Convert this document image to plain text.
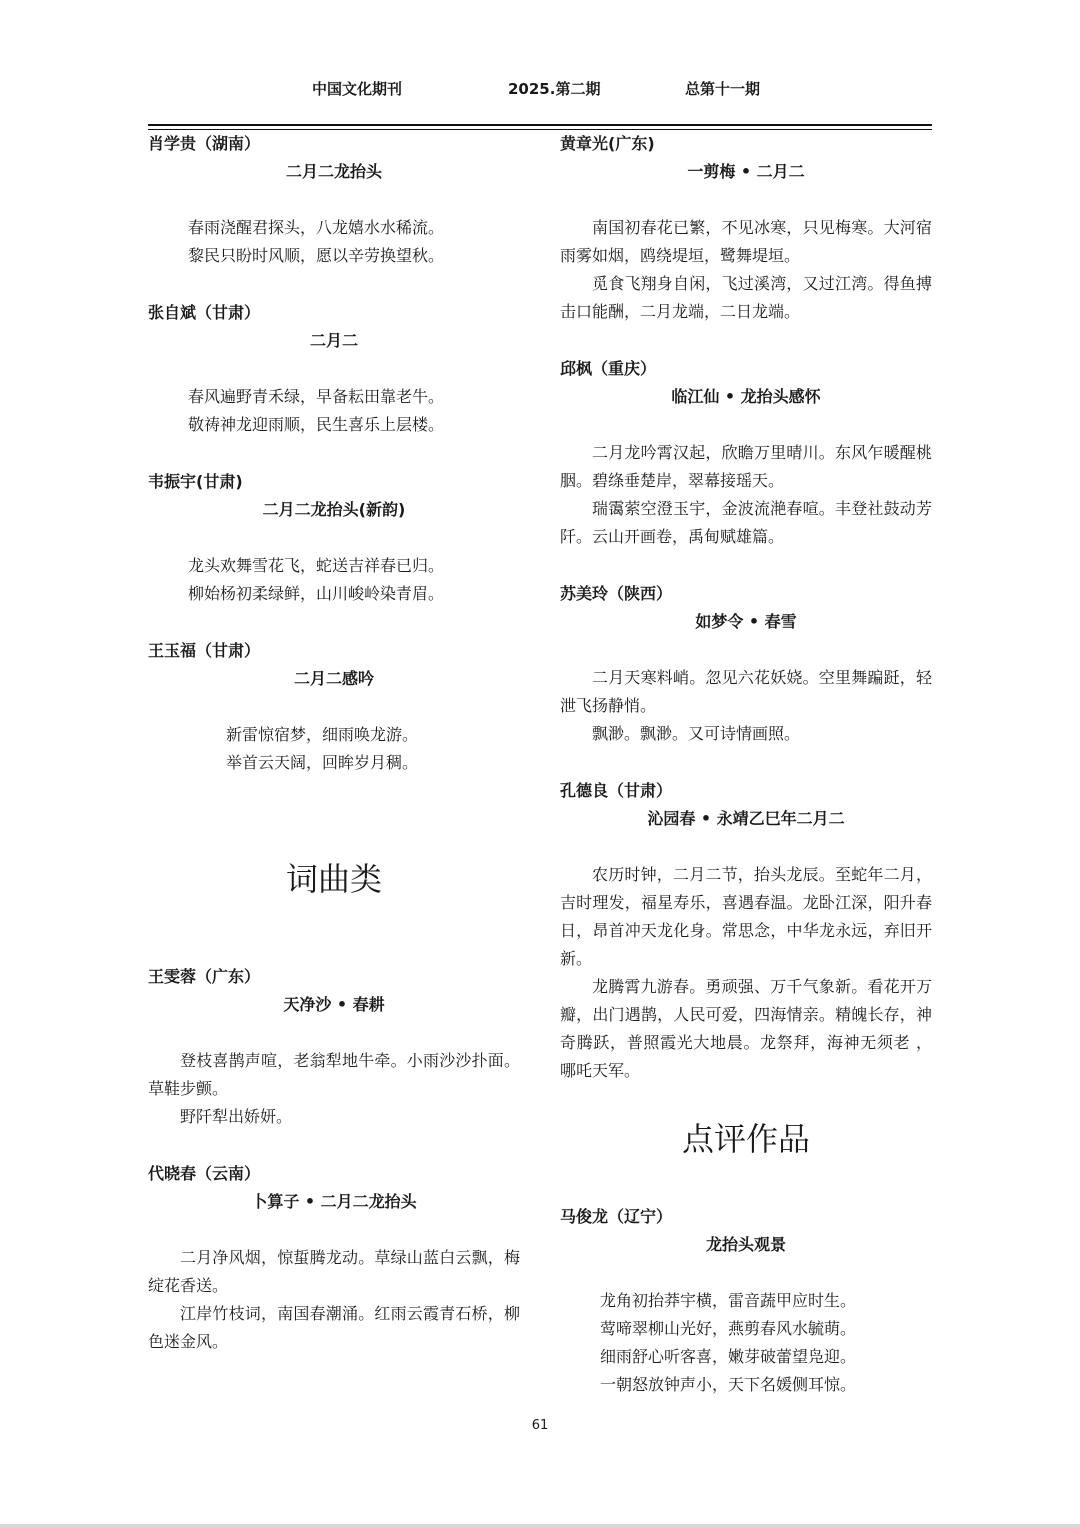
中国文化期刊	2025.第二期	总第十一期
肖学贵（湖南）
二月二龙抬头
春雨浇醒君探头，八龙嬉水水稀流。
黎民只盼时风顺，愿以辛劳换望秋。
张自斌（甘肃）
二月二
春风遍野青禾绿，早备耘田靠老牛。
敬祷神龙迎雨顺，民生喜乐上层楼。
韦振宇(甘肃)
二月二龙抬头(新韵)
龙头欢舞雪花飞，蛇送吉祥春已归。
柳始杨初柔绿鲜，山川峻岭染青眉。
王玉福（甘肃）
二月二感吟
新雷惊宿梦，细雨唤龙游。
举首云天阔，回眸岁月稠。
词曲类
王雯蓉（广东）
天净沙 • 春耕
登枝喜鹊声喧，老翁犁地牛牵。小雨沙沙扑面。草鞋步颤。
野阡犁出娇妍。
代晓春（云南）
卜算子 • 二月二龙抬头
二月净风烟，惊蜇腾龙动。草绿山蓝白云飘，梅绽花香送。
江岸竹枝词，南国春潮涌。红雨云霞青石桥，柳色迷金风。
黄章光(广东)
一剪梅 • 二月二
南国初春花已繁，不见冰寒，只见梅寒。大河宿雨雾如烟，鸥绕堤垣，鹭舞堤垣。
觅食飞翔身自闲，飞过溪湾，又过江湾。得鱼搏击口能酬，二月龙端，二日龙端。
邱枫（重庆）
临江仙 • 龙抬头感怀
二月龙吟霄汉起，欣瞻万里晴川。东风乍暖醒桃胭。碧绦垂楚岸，翠幕接瑶天。
瑞霭萦空澄玉宇，金波流滟春喧。丰登社鼓动芳阡。云山开画卷，禹甸赋雄篇。
苏美玲（陕西）
如梦令 • 春雪
二月天寒料峭。忽见六花妖娆。空里舞蹁跹，轻泄飞扬静悄。
飘渺。飘渺。又可诗情画照。
孔德良（甘肃）
沁园春 • 永靖乙巳年二月二
农历时钟，二月二节，抬头龙辰。至蛇年二月，吉时理发，福星寿乐，喜遇春温。龙卧江深，阳升春日，昂首冲天龙化身。常思念，中华龙永远，弃旧开新。
龙腾霄九游春。勇顽强、万千气象新。看花开万瓣，出门遇鹊，人民可爱，四海情亲。精魄长存，神奇腾跃，普照霞光大地晨。龙祭拜，海神无须老 ，哪吒天军。
点评作品
马俊龙（辽宁）
龙抬头观景
龙角初抬莽宇横，雷音蔬甲应时生。
莺啼翠柳山光好，燕剪春风水毓萌。
细雨舒心听客喜，嫩芽破蕾望凫迎。
一朝怒放钟声小，天下名媛侧耳惊。
61
